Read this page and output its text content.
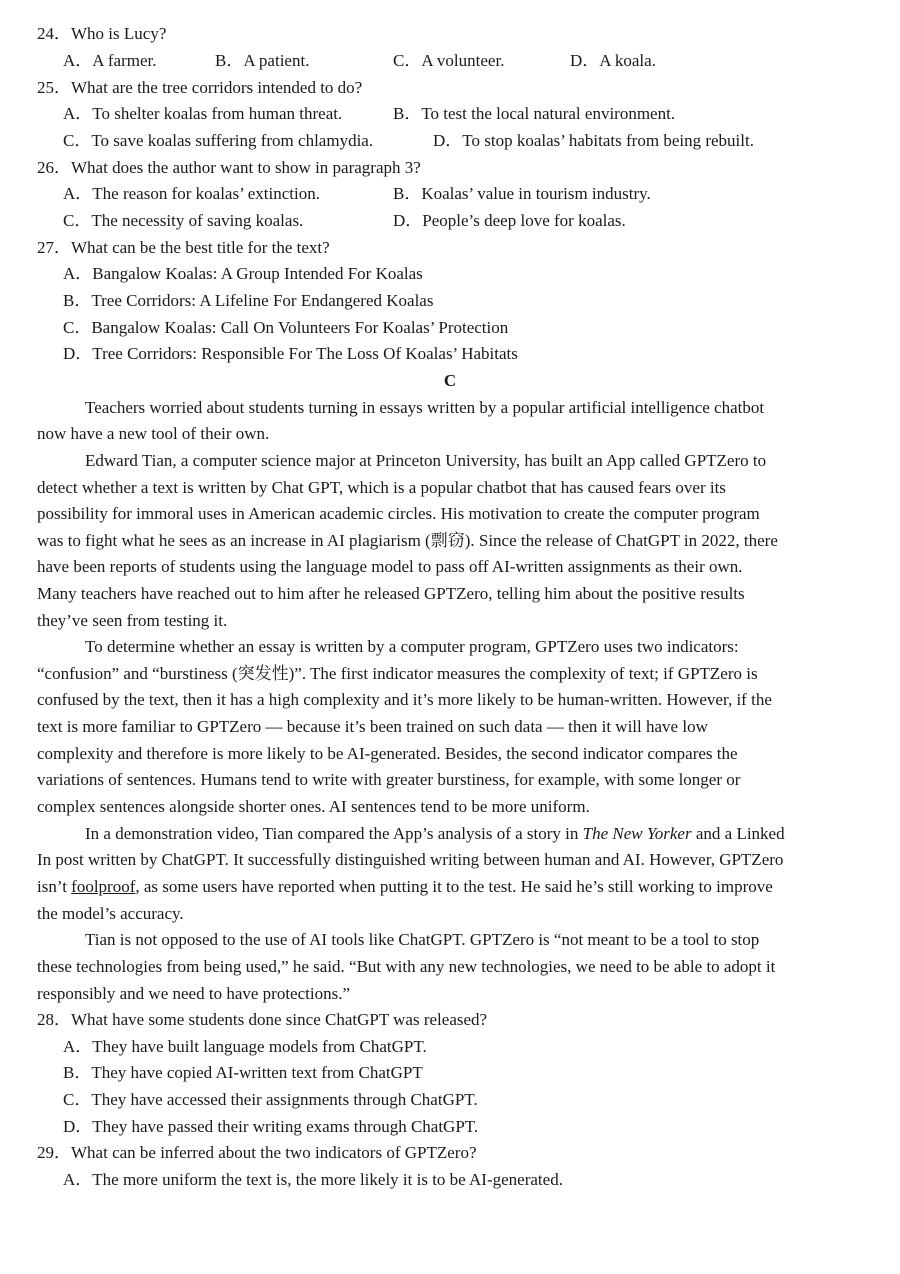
24．Who is Lucy?
A．A farmer.	B．A patient.	C．A volunteer.	D．A koala.
25．What are the tree corridors intended to do?
A．To shelter koalas from human threat.	B．To test the local natural environment.
C．To save koalas suffering from chlamydia.	D．To stop koalas’ habitats from being rebuilt.
26．What does the author want to show in paragraph 3?
A．The reason for koalas’ extinction.	B．Koalas’ value in tourism industry.
C．The necessity of saving koalas.	D．People’s deep love for koalas.
27．What can be the best title for the text?
A．Bangalow Koalas: A Group Intended For Koalas
B．Tree Corridors: A Lifeline For Endangered Koalas
C．Bangalow Koalas: Call On Volunteers For Koalas’ Protection
D．Tree Corridors: Responsible For The Loss Of Koalas’ Habitats
C
Teachers worried about students turning in essays written by a popular artificial intelligence chatbot
now have a new tool of their own.
Edward Tian, a computer science major at Princeton University, has built an App called GPTZero to
detect whether a text is written by Chat GPT, which is a popular chatbot that has caused fears over its
possibility for immoral uses in American academic circles. His motivation to create the computer program
was to fight what he sees as an increase in AI plagiarism (剽窃). Since the release of ChatGPT in 2022, there
have been reports of students using the language model to pass off AI-written assignments as their own.
Many teachers have reached out to him after he released GPTZero, telling him about the positive results
they’ve seen from testing it.
To determine whether an essay is written by a computer program, GPTZero uses two indicators:
“confusion” and “burstiness (突发性)”. The first indicator measures the complexity of text; if GPTZero is
confused by the text, then it has a high complexity and it’s more likely to be human-written. However, if the
text is more familiar to GPTZero — because it’s been trained on such data — then it will have low
complexity and therefore is more likely to be AI-generated. Besides, the second indicator compares the
variations of sentences. Humans tend to write with greater burstiness, for example, with some longer or
complex sentences alongside shorter ones. AI sentences tend to be more uniform.
In a demonstration video, Tian compared the App’s analysis of a story in The New Yorker and a Linked
In post written by ChatGPT. It successfully distinguished writing between human and AI. However, GPTZero
isn’t foolproof, as some users have reported when putting it to the test. He said he’s still working to improve
the model’s accuracy.
Tian is not opposed to the use of AI tools like ChatGPT. GPTZero is “not meant to be a tool to stop
these technologies from being used,” he said. “But with any new technologies, we need to be able to adopt it
responsibly and we need to have protections.”
28．What have some students done since ChatGPT was released?
A．They have built language models from ChatGPT.
B．They have copied AI-written text from ChatGPT
C．They have accessed their assignments through ChatGPT.
D．They have passed their writing exams through ChatGPT.
29．What can be inferred about the two indicators of GPTZero?
A．The more uniform the text is, the more likely it is to be AI-generated.
